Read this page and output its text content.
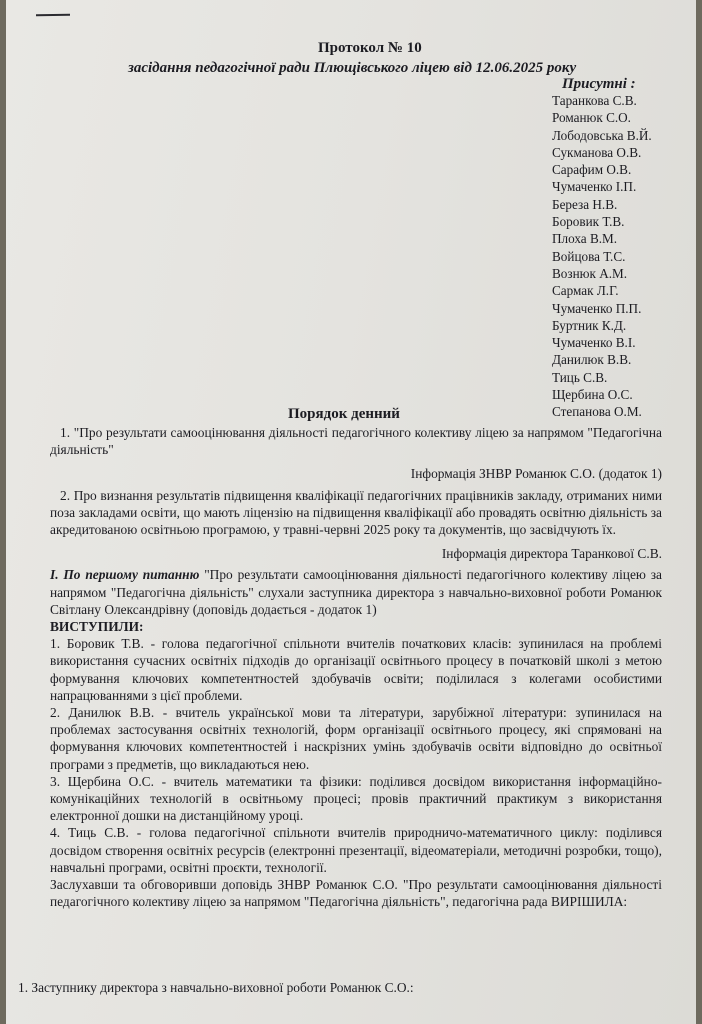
Протокол № 10
засідання педагогічної ради Плющівського ліцею від 12.06.2025 року
Присутні :
Таранкова С.В.
Романюк С.О.
Лободовська В.Й.
Сукманова О.В.
Сарафим О.В.
Чумаченко І.П.
Береза Н.В.
Боровик Т.В.
Плоха В.М.
Войцова Т.С.
Вознюк А.М.
Сармак Л.Г.
Чумаченко П.П.
Буртник К.Д.
Чумаченко В.І.
Данилюк В.В.
Тиць С.В.
Щербина О.С.
Степанова О.М.
Порядок денний

1. "Про результати самооцінювання діяльності педагогічного колективу ліцею за напрямом "Педагогічна діяльність"

Інформація ЗНВР Романюк С.О. (додаток 1)

2. Про визнання результатів підвищення кваліфікації педагогічних працівників закладу, отриманих ними поза закладами освіти, що мають ліцензію на підвищення кваліфікації або провадять освітню діяльність за акредитованою освітньою програмою, у травні-червні 2025 року та документів, що засвідчують їх.

Інформація директора Таранкової С.В.

І. По першому питанню "Про результати самооцінювання діяльності педагогічного колективу ліцею за напрямом "Педагогічна діяльність" слухали заступника директора з навчально-виховної роботи Романюк Світлану Олександрівну (доповідь додається - додаток 1)

ВИСТУПИЛИ:

1. Боровик Т.В. - голова педагогічної спільноти вчителів початкових класів: зупинилася на проблемі використання сучасних освітніх підходів до організації освітнього процесу в початковій школі з метою формування ключових компетентностей здобувачів освіти; поділилася з колегами особистими напрацюваннями з цієї проблеми.

2. Данилюк В.В. - вчитель української мови та літератури, зарубіжної літератури: зупинилася на проблемах застосування освітніх технологій, форм організації освітнього процесу, які спрямовані на формування ключових компетентностей і наскрізних умінь здобувачів освіти відповідно до освітньої програми з предметів, що викладаються нею.

3. Щербина О.С. - вчитель математики та фізики: поділився досвідом використання інформаційно-комунікаційних технологій в освітньому процесі; провів практичний практикум з використання електронної дошки на дистанційному уроці.

4. Тиць С.В. - голова педагогічної спільноти вчителів природничо-математичного циклу: поділився досвідом створення освітніх ресурсів (електронні презентації, відеоматеріали, методичні розробки, тощо), навчальні програми, освітні проєкти, технології.

Заслухавши та обговоривши доповідь ЗНВР Романюк С.О. "Про результати самооцінювання діяльності педагогічного колективу ліцею за напрямом "Педагогічна діяльність", педагогічна рада ВИРІШИЛА:

1. Заступнику директора з навчально-виховної роботи Романюк С.О.:
